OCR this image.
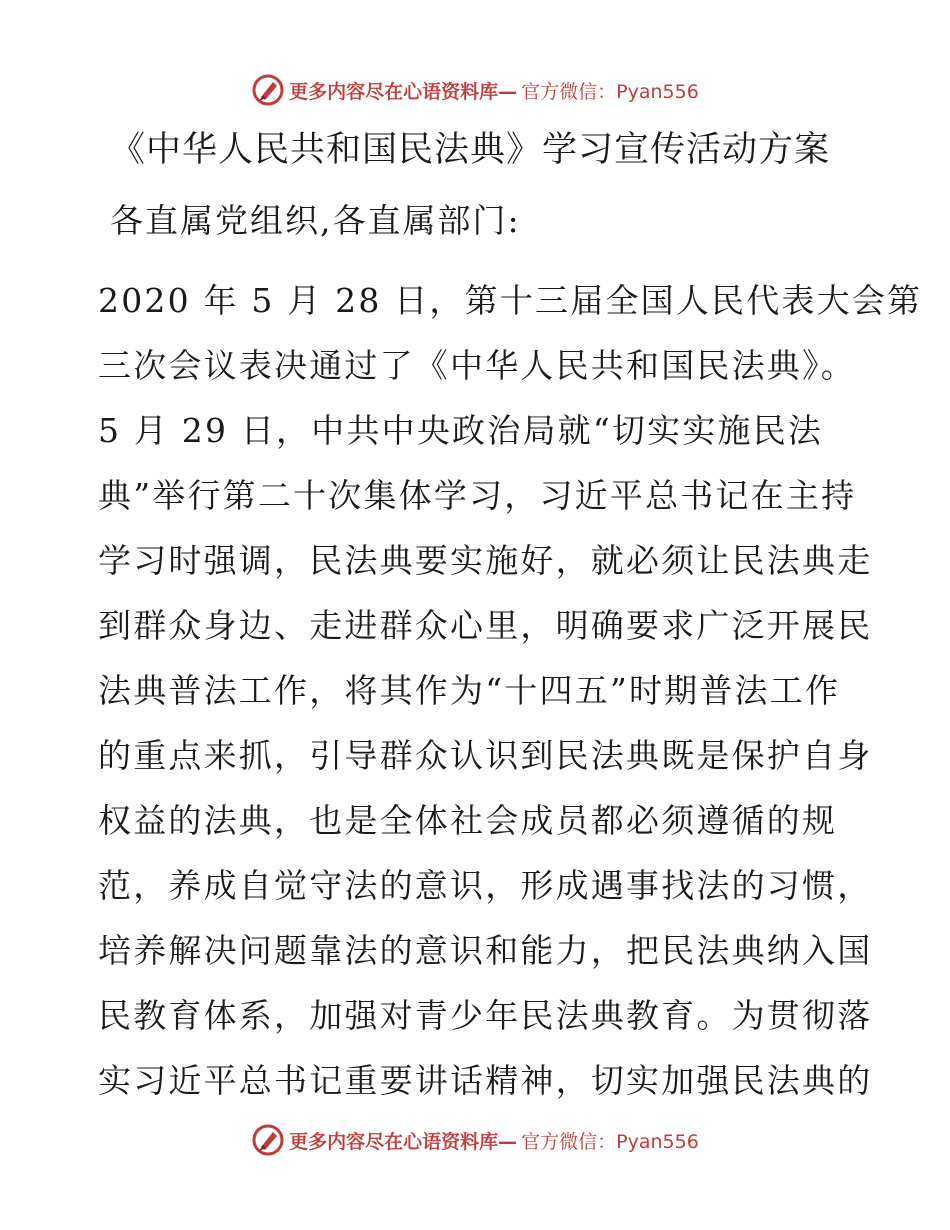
更多内容尽在心语资料库— 官方微信：Pyan556
《中华人民共和国民法典》学习宣传活动方案
各直属党组织,各直属部门:
2020 年 5 月 28 日，第十三届全国人民代表大会第
三次会议表决通过了《中华人民共和国民法典》。
5 月 29 日，中共中央政治局就“切实实施民法
典”举行第二十次集体学习，习近平总书记在主持
学习时强调，民法典要实施好，就必须让民法典走
到群众身边、走进群众心里，明确要求广泛开展民
法典普法工作，将其作为“十四五”时期普法工作
的重点来抓，引导群众认识到民法典既是保护自身
权益的法典，也是全体社会成员都必须遵循的规
范，养成自觉守法的意识，形成遇事找法的习惯，
培养解决问题靠法的意识和能力，把民法典纳入国
民教育体系，加强对青少年民法典教育。为贯彻落
实习近平总书记重要讲话精神，切实加强民法典的
更多内容尽在心语资料库— 官方微信：Pyan556
